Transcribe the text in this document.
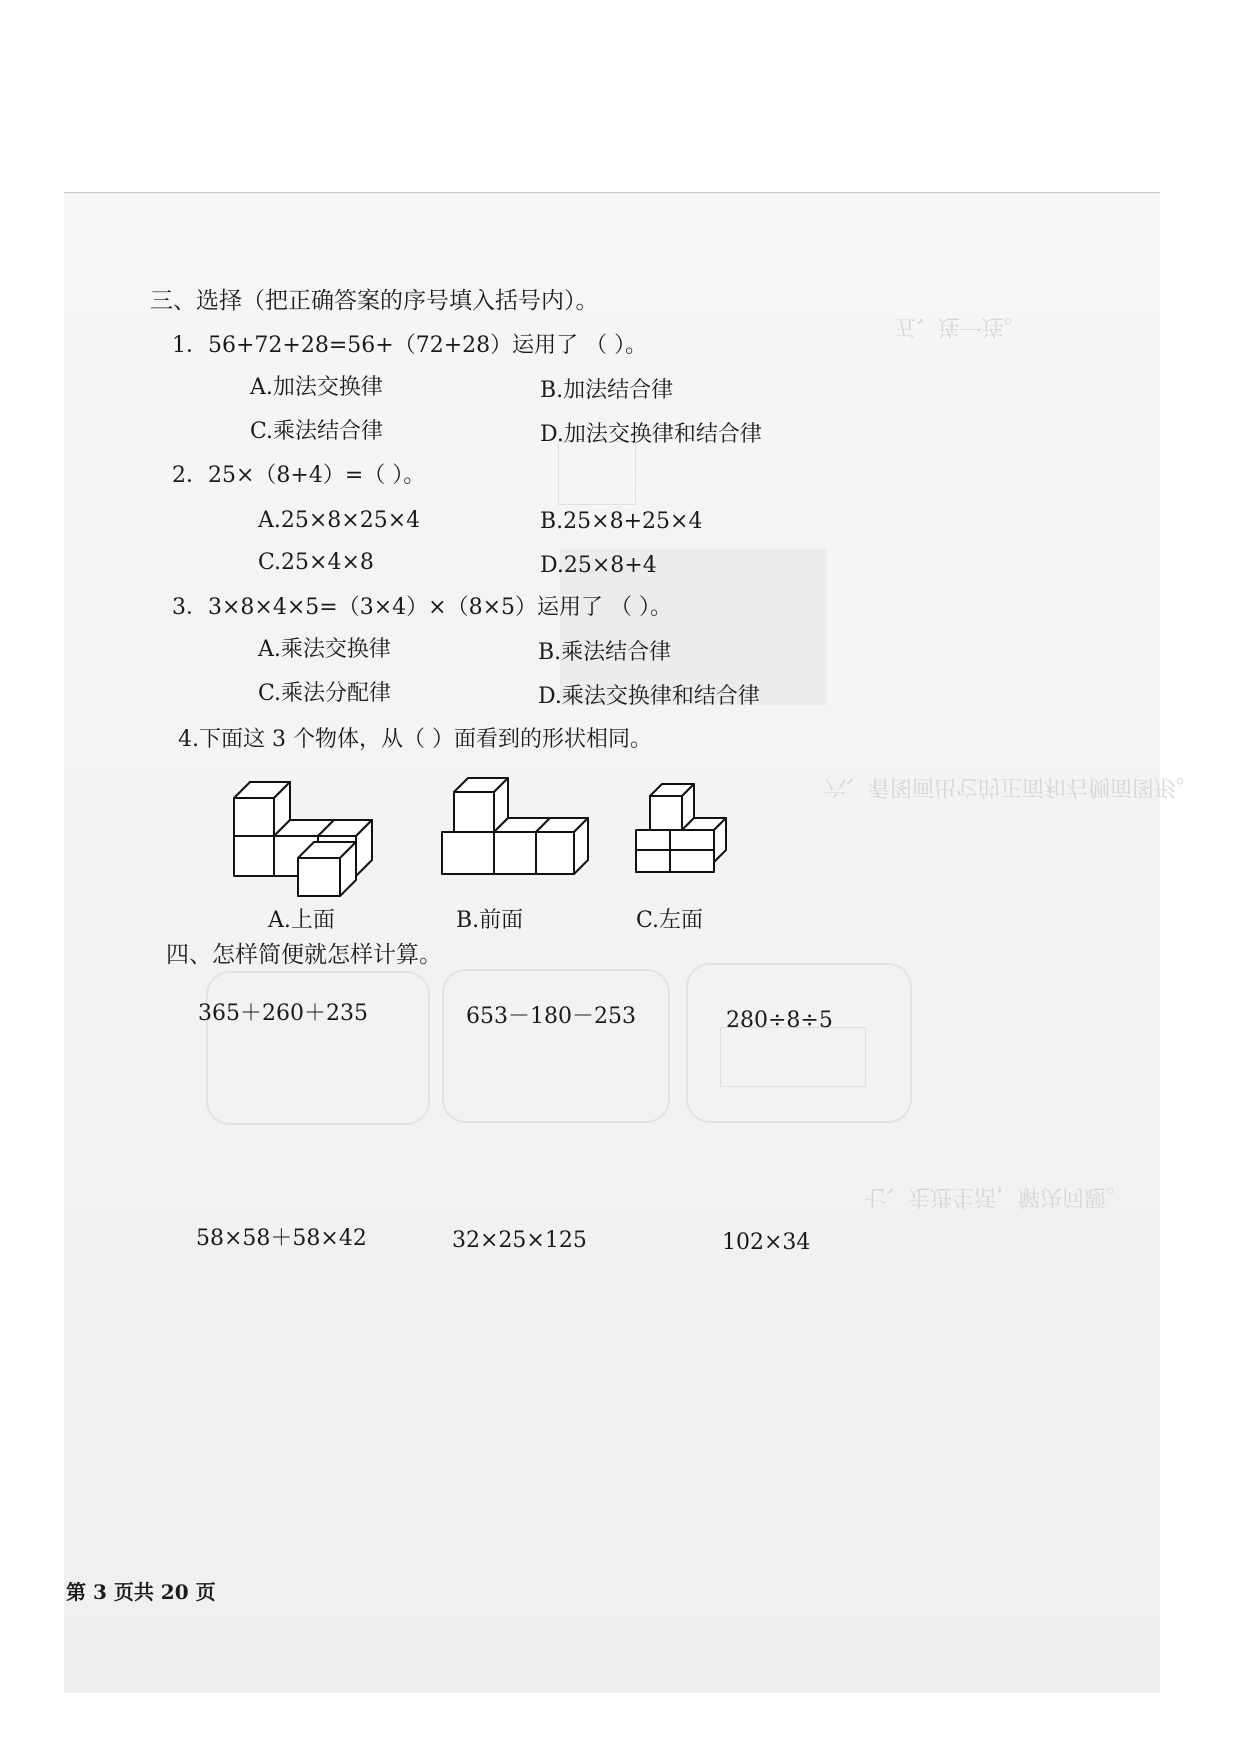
五、连一连。
六、看图画出它的正面和右侧面图形。
七、走进生活，解决问题。
三、选择（把正确答案的序号填入括号内）。
1．56+72+28=56+（72+28）运用了 （ ）。
A.加法交换律	B.加法结合律
C.乘法结合律	D.加法交换律和结合律
2．25×（8+4）=（ ）。
A.25×8×25×4	B.25×8+25×4
C.25×4×8	D.25×8+4
3．3×8×4×5=（3×4）×（8×5）运用了 （ ）。
A.乘法交换律	B.乘法结合律
C.乘法分配律	D.乘法交换律和结合律
4.下面这 3 个物体，从（ ）面看到的形状相同。
A.上面	B.前面	C.左面
四、怎样简便就怎样计算。
365＋260＋235	653－180－253	280÷8÷5
58×58＋58×42	32×25×125	102×34
第 3 页共 20 页
